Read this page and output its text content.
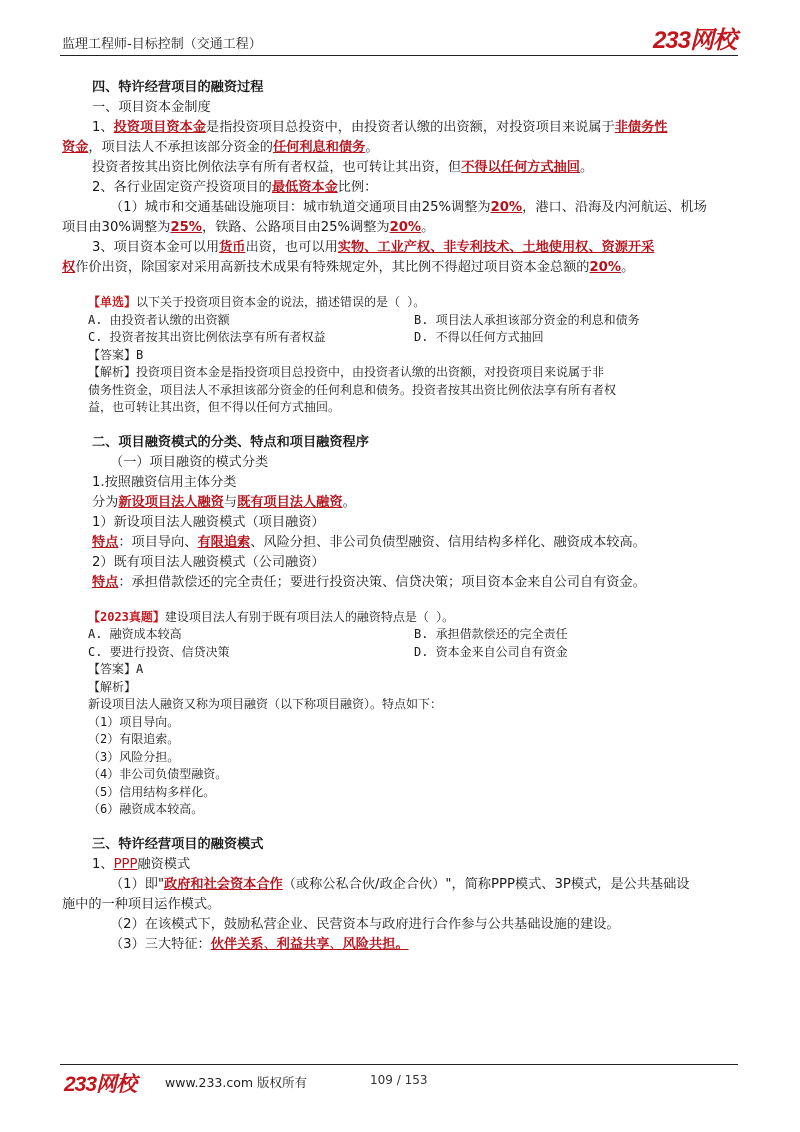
监理工程师-目标控制（交通工程）	233网校

四、特许经营项目的融资过程

一、项目资本金制度

1、投资项目资本金是指投资项目总投资中，由投资者认缴的出资额，对投资项目来说属于非债务性

资金，项目法人不承担该部分资金的任何利息和债务。

投资者按其出资比例依法享有所有者权益，也可转让其出资，但不得以任何方式抽回。

2、各行业固定资产投资项目的最低资本金比例：

（1）城市和交通基础设施项目：城市轨道交通项目由25%调整为20%，港口、沿海及内河航运、机场

项目由30%调整为25%，铁路、公路项目由25%调整为20%。

3、项目资本金可以用货币出资，也可以用实物、工业产权、非专利技术、土地使用权、资源开采

权作价出资，除国家对采用高新技术成果有特殊规定外，其比例不得超过项目资本金总额的20%。

【单选】以下关于投资项目资本金的说法，描述错误的是（ ）。

A. 由投资者认缴的出资额	B. 项目法人承担该部分资金的利息和债务
C. 投资者按其出资比例依法享有所有者权益	D. 不得以任何方式抽回

【答案】B

【解析】投资项目资本金是指投资项目总投资中，由投资者认缴的出资额，对投资项目来说属于非

债务性资金，项目法人不承担该部分资金的任何利息和债务。投资者按其出资比例依法享有所有者权

益，也可转让其出资，但不得以任何方式抽回。

二、项目融资模式的分类、特点和项目融资程序

（一）项目融资的模式分类

1.按照融资信用主体分类

分为新设项目法人融资与既有项目法人融资。

1）新设项目法人融资模式（项目融资）

特点：项目导向、有限追索、风险分担、非公司负债型融资、信用结构多样化、融资成本较高。

2）既有项目法人融资模式（公司融资）

特点：承担借款偿还的完全责任；要进行投资决策、信贷决策；项目资本金来自公司自有资金。

【2023真题】建设项目法人有别于既有项目法人的融资特点是（ ）。

A. 融资成本较高	B. 承担借款偿还的完全责任
C. 要进行投资、信贷决策	D. 资本金来自公司自有资金

【答案】A

【解析】

新设项目法人融资又称为项目融资（以下称项目融资）。特点如下：

（1）项目导向。

（2）有限追索。

（3）风险分担。

（4）非公司负债型融资。

（5）信用结构多样化。

（6）融资成本较高。

三、特许经营项目的融资模式

1、PPP融资模式

（1）即"政府和社会资本合作（或称公私合伙/政企合伙）"，简称PPP模式、3P模式，是公共基础设

施中的一种项目运作模式。

（2）在该模式下，鼓励私营企业、民营资本与政府进行合作参与公共基础设施的建设。

（3）三大特征：伙伴关系、利益共享、风险共担。

233网校 www.233.com 版权所有	109 / 153
